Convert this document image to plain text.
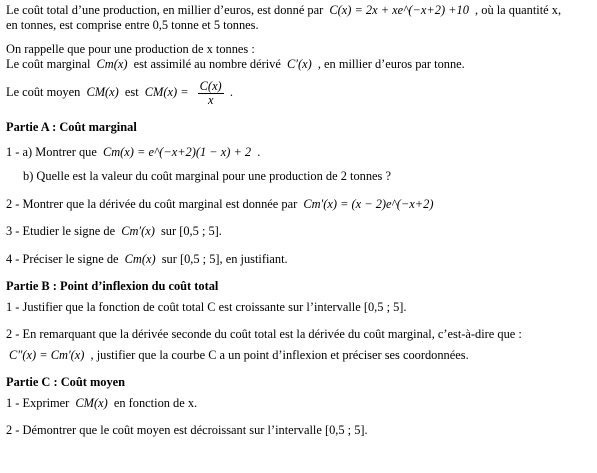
Le coût total d’une production, en millier d’euros, est donné par C(x) = 2x + xe^(−x+2) +10 , où la quantité x,
en tonnes, est comprise entre 0,5 tonne et 5 tonnes.
On rappelle que pour une production de x tonnes :
Le coût marginal Cm(x) est assimilé au nombre dérivé C′(x) , en millier d’euros par tonne.
Le coût moyen CM(x) est $CM(x) = \frac{C(x)}{x}$ .
Partie A : Coût marginal
1 - a) Montrer que Cm(x) = e^(−x+2)(1 − x) + 2 .
b) Quelle est la valeur du coût marginal pour une production de 2 tonnes ?
2 - Montrer que la dérivée du coût marginal est donnée par Cm′(x) = (x − 2)e^(−x+2)
3 - Etudier le signe de Cm′(x) sur [0,5 ; 5].
4 - Préciser le signe de Cm(x) sur [0,5 ; 5], en justifiant.
Partie B : Point d’inflexion du coût total
1 - Justifier que la fonction de coût total C est croissante sur l’intervalle [0,5 ; 5].
2 - En remarquant que la dérivée seconde du coût total est la dérivée du coût marginal, c’est-à-dire que :
C″(x) = Cm′(x) , justifier que la courbe C a un point d’inflexion et préciser ses coordonnées.
Partie C : Coût moyen
1 - Exprimer CM(x) en fonction de x.
2 - Démontrer que le coût moyen est décroissant sur l’intervalle [0,5 ; 5].
